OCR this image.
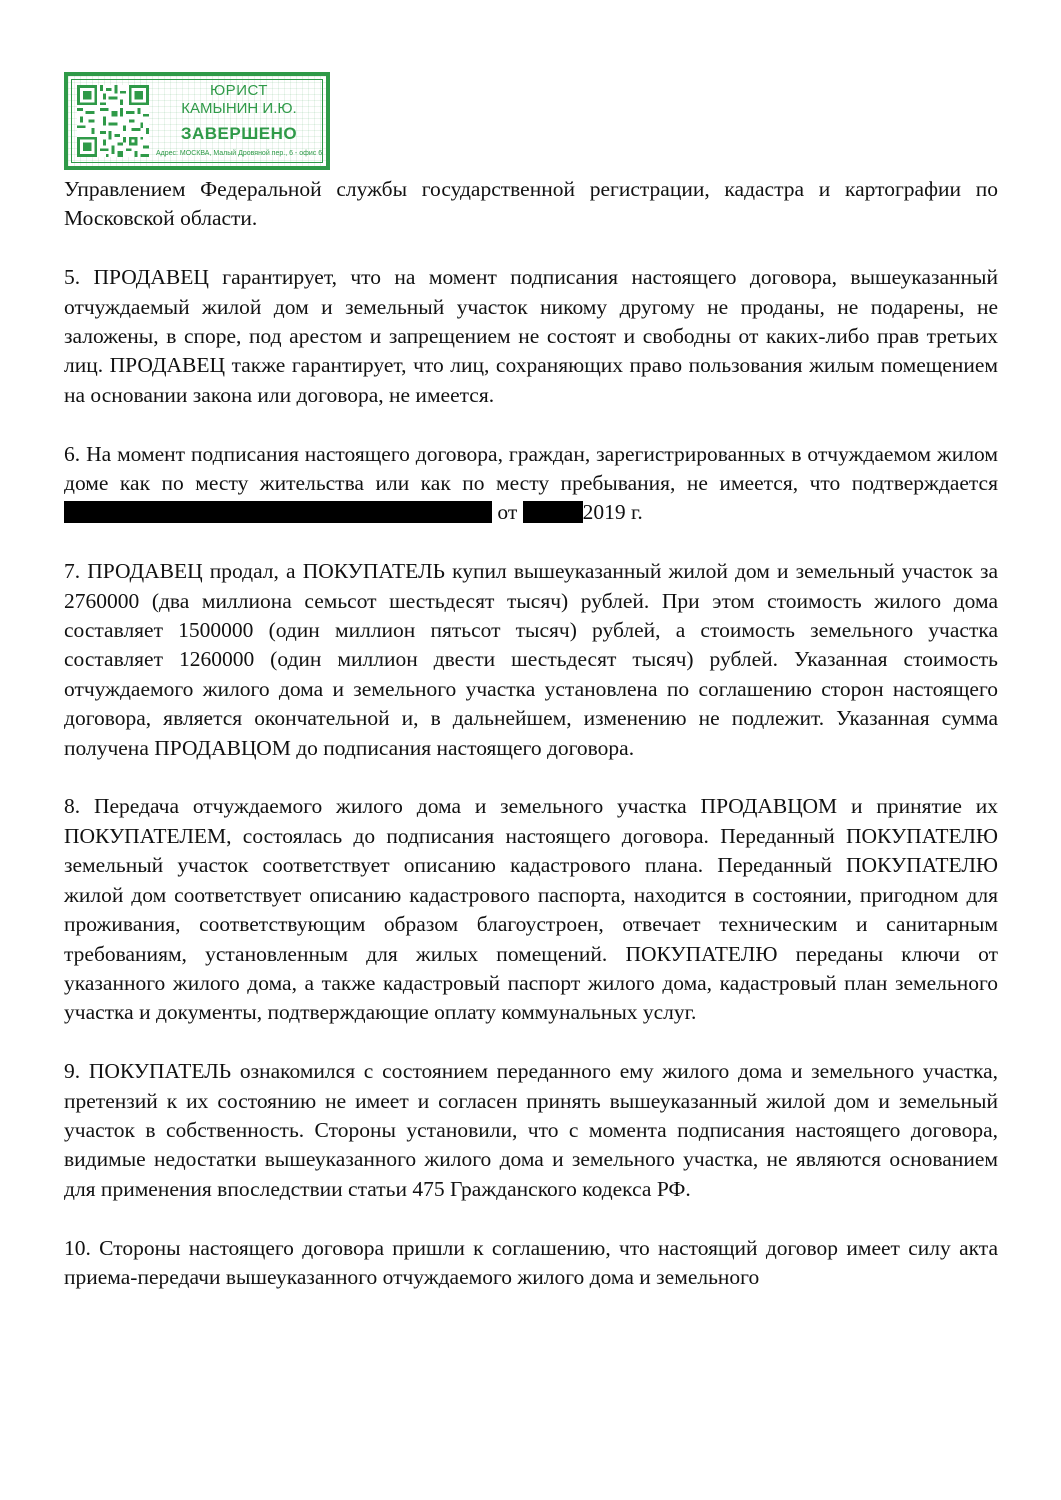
ЮРИСТ
КАМЫНИН И.Ю.
ЗАВЕРШЕНО
Адрес: МОСКВА, Малый Дровяной пер., 6 - офис 6

Управлением Федеральной службы государственной регистрации, кадастра и картографии по Московской области.

5. ПРОДАВЕЦ гарантирует, что на момент подписания настоящего договора, вышеуказанный отчуждаемый жилой дом и земельный участок никому другому не проданы, не подарены, не заложены, в споре, под арестом и запрещением не состоят и свободны от каких-либо прав третьих лиц. ПРОДАВЕЦ также гарантирует, что лиц, сохраняющих право пользования жилым помещением на основании закона или договора, не имеется.

6. На момент подписания настоящего договора, граждан, зарегистрированных в отчуждаемом жилом доме как по месту жительства или как по месту пребывания, не имеется, что подтверждается  от	2019 г.

7. ПРОДАВЕЦ продал, а ПОКУПАТЕЛЬ купил вышеуказанный жилой дом и земельный участок за 2760000 (два миллиона семьсот шестьдесят тысяч) рублей. При этом стоимость жилого дома составляет 1500000 (один миллион пятьсот тысяч) рублей, а стоимость земельного участка составляет 1260000 (один миллион двести шестьдесят тысяч) рублей. Указанная стоимость отчуждаемого жилого дома и земельного участка установлена по соглашению сторон настоящего договора, является окончательной и, в дальнейшем, изменению не подлежит. Указанная сумма получена ПРОДАВЦОМ до подписания настоящего договора.

8. Передача отчуждаемого жилого дома и земельного участка ПРОДАВЦОМ и принятие их ПОКУПАТЕЛЕМ, состоялась до подписания настоящего договора. Переданный ПОКУПАТЕЛЮ земельный участок соответствует описанию кадастрового плана. Переданный ПОКУПАТЕЛЮ жилой дом соответствует описанию кадастрового паспорта, находится в состоянии, пригодном для проживания, соответствующим образом благоустроен, отвечает техническим и санитарным требованиям, установленным для жилых помещений. ПОКУПАТЕЛЮ переданы ключи от указанного жилого дома, а также кадастровый паспорт жилого дома, кадастровый план земельного участка и документы, подтверждающие оплату коммунальных услуг.

9. ПОКУПАТЕЛЬ ознакомился с состоянием переданного ему жилого дома и земельного участка, претензий к их состоянию не имеет и согласен принять вышеуказанный жилой дом и земельный участок в собственность. Стороны установили, что с момента подписания настоящего договора, видимые недостатки вышеуказанного жилого дома и земельного участка, не являются основанием для применения впоследствии статьи 475 Гражданского кодекса РФ.

10. Стороны настоящего договора пришли к соглашению, что настоящий договор имеет силу акта приема-передачи вышеуказанного отчуждаемого жилого дома и земельного
